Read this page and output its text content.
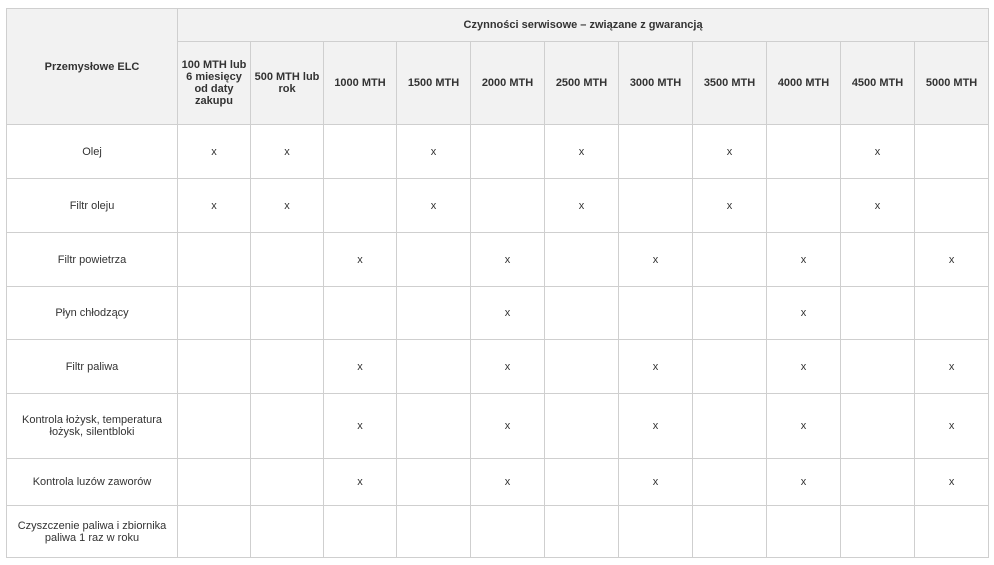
Przemysłowe ELC	Czynności serwisowe – związane z gwarancją										
	100 MTH lub 6 miesięcy od daty zakupu	500 MTH lub rok	1000 MTH	1500 MTH	2000 MTH	2500 MTH	3000 MTH	3500 MTH	4000 MTH	4500 MTH	5000 MTH
Olej	x	x		x		x		x		x	
Filtr oleju	x	x		x		x		x		x	
Filtr powietrza			x		x		x		x		x
Płyn chłodzący					x				x		
Filtr paliwa			x		x		x		x		x
Kontrola łożysk, temperatura łożysk, silentbloki			x		x		x		x		x
Kontrola luzów zaworów			x		x		x		x		x
Czyszczenie paliwa i zbiornika paliwa 1 raz w roku											
